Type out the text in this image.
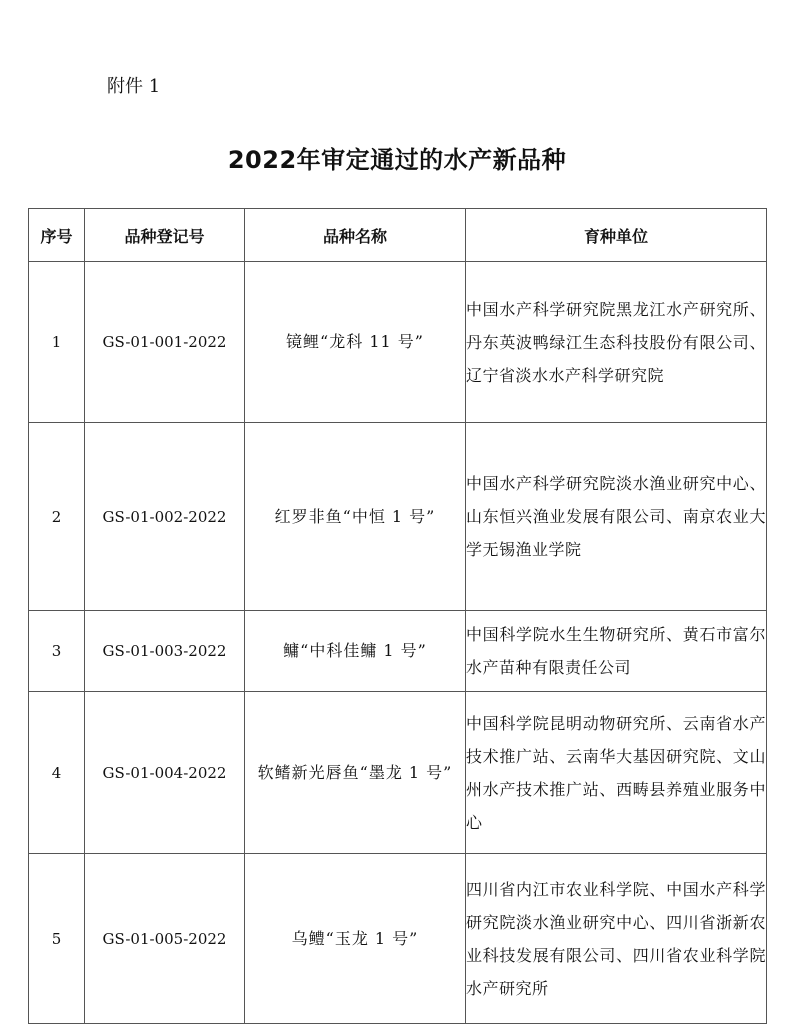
附件 1
2022年审定通过的水产新品种
序号	品种登记号	品种名称	育种单位
1	GS-01-001-2022	镜鲤“龙科 11 号”	中国水产科学研究院黑龙江水产研究所、丹东英波鸭绿江生态科技股份有限公司、辽宁省淡水水产科学研究院
2	GS-01-002-2022	红罗非鱼“中恒 1 号”	中国水产科学研究院淡水渔业研究中心、山东恒兴渔业发展有限公司、南京农业大学无锡渔业学院
3	GS-01-003-2022	鳙“中科佳鳙 1 号”	中国科学院水生生物研究所、黄石市富尔水产苗种有限责任公司
4	GS-01-004-2022	软鳍新光唇鱼“墨龙 1 号”	中国科学院昆明动物研究所、云南省水产技术推广站、云南华大基因研究院、文山州水产技术推广站、西畴县养殖业服务中心
5	GS-01-005-2022	乌鳢“玉龙 1 号”	四川省内江市农业科学院、中国水产科学研究院淡水渔业研究中心、四川省浙新农业科技发展有限公司、四川省农业科学院水产研究所
